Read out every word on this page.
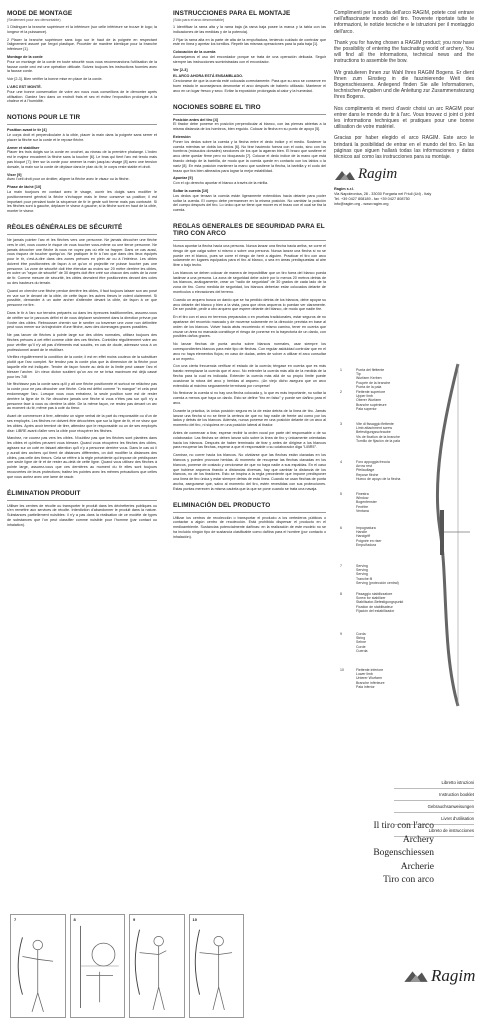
MODE DE MONTAGE
(Seulement pour arc démontable)
1 Distinguer la branche supérieure et la inférieure (sur celle inférieure se trouve le logo; la longeur et la puissance).
2 Placer la branche supérieure sans logo sur le haut de la poignée en respectant l'alignement assuré par l'ergot plastique. Procéder de manière identique pour la branche inférieure [1].
Montage de la corde
Pour un montage de la corde en toute sécurité nous vous recommandons l'utilisation de la fausse corde ceci est une opération délicate. Suivez toujours les instructions fournies avec la fausse corde.
Voir [2-3]. Bien vérifier la bonne mise en place de la corde.
L'ARC EST MONTÉ.
Pour une bonne conservation de votre arc nous vous conseillons de le démonter après utilisation. Gardez l'arc dans un endroit frais et sec et évitez l'exposition prolongée à la chaleur et à l'humidité.
NOTIONS POUR LE TIR
Position avant le tir [4]
Le corps droit et perpendiculaire à la cible, placer la main dans la poignée sans serrer et placer la flèche sur la corde et le repose flèche.
Armer et stabiliser
Placer les trois doigts sur la corde en crochet, au niveau de la première phalange. L'index est le majeur encadrent la flèche sans la toucher [6]. Le bras qui tient l'arc est tendu mais pas bloqué [7]; tirer sur la corde pour amener la main jusqu'au visage [8] avec une tension dorsale, la main sur la corde de déplace dans le plan du tir, le corps reste stable et droit.
Viser [9]
Avec l'oeil droit pour un droitier, aligner la flèche avec le visaur ou la flèche.
Phase de lâché [10]
La main tourjours en contact avec le visage, ouvrir les doigts sans modifier le positionnement général la flèche s'échappe mais le tireur conserve sa position; il est important pour pendant toute la séquence de tir le geste soit ferme mais pas contracté. Si les flèches sont à gauche, déplacer le viseur à gauche; si la flèche sont en haut de la cible, monter le viseur.
RÈGLES GÉNÉRALES DE SÉCURITÉ
Ne jamais pointer l'arc et les flèches vers une personne. Ne jamais décocher une flèche vers le ciel, vous courez le risque de vous toucher vous-même ou une tierce personne. Ne jamais décocher une flèche là vous ne voyez pas où elle va frapper. Dans ce cas aussi, vous risquez de toucher quelqu'un. Ne pratiquer le tir à l'arc que dans des lieux équipés pour le tir, c'est-à-dire dans des zones prévues en plein air ou à l'intérieur. Les cibles doivent être positionnées de façon à ce qu'un ni projectile ne puisse toucher pas une personne. La zone de sécurité doit être étendue au moins sur 20 mètre derrière les cibles, en outre un "rayon de sécurité" de 30 degrés doit être créé sur chacun des cotés de la zone de tir. Comme mesure de sécurité, les cibles devraient être positionnées devant des coles ou des hauteurs du terrain.
Quand on cherche une flèche perdue derrière les cibles, il faut toujours laisser son arc posé en vue sur le devant de la cible, de cette façon les autres tireurs le voient clairement. Si possible, demander à un autre archer d'attendre devant la cible, de façon à ce que personne ne tire.
Dans le tir à l'arc sur terrains préparés ou dans les épreuves traditionnelles, assurez-vous de vérifier sur le parcours défini et de vous déplacer seulement dans la direction prévue par l'ordre des cibles. Rebrousser chemin sur le sentier ou traverser une zone non délimitée peut vous mener sur la trajectoire d'une flèche, avec des dommages graves possibles.
Ne pas lancer de flèches à pointe large sur des cibles normales, utilisez toujours des flèches prévues à cet effet comme cible des ces flèches. Contrôlez régulièrement votre arc pour vérifier qu'il n'y ait pas d'éléments mal soudés, en cas de doute, adressez vous à un professionnel avant de le réutiliser.
Vérifiez régulièrement la condition de la corde; il est en effet moins couteux de la substituer plutôt que l'arc complet. Ne tendez pas la corde plus que la dimension de la flèche pour laquelle elle est indiquée. Tendre de façon forcée au delà de la limite peut casser l'arc el blesser l'archer. Un vieux dicton soutient qu'un arc ne se brisa maximum est déjà cassé pour les 7/8!
Ne fléchissez pas la corde sans qu'il y ait une flèche positionnée et surtout ne relâchez pas la corde pour ne pas décocher une flèche. Cela est défini comme "in mangue" et cela peut endommager l'arc. Lorsque vous vous entrainez, la seule position sure est de rester derrière la ligne de tir. Ne décochez jamais une flèche si vous n'êtes pas sur qu'il n'y a personne face à vous ou derrière la cible. De la même façon, ne restez pas devant un arc au moment du tir, même pas à coté du tireur.
Avant de commencer à tirer, attendez un signe verbal de la part du responsable ou d'un de ses employés. Les flèches ne doivent être décochées que sur la ligne de tir, et ne visez que les cibles. Après avoir terminé de tirer, attendez que le responsable ou un de ses employés dise: LIBRE avant d'aller vers la cible pour récupérer les flèches.
Marchez, ne courez pas vers les cibles. N'oubliez pas que les flèches sont plantées dans les cibles et qu'elles peuvent vous blesser. Quand vous récupérez les flèches des cibles, agissez sur un coté en faisant attention qu'il n'y a personne derrière vous. Dans le cas où il y aurait des archers qui tirent de distances différentes, on doit modifier la distances des cibles, pas celle des tireurs. Cela se réfère à la règle précédente qui impose de prédisposer une seule ligne de tir et de rester au-delà de cette ligne. Quand vous utilisez des flèches à pointe large, assurez-vous que ces dernières au moment du tir elles sont toujours recouvertes de leurs protections; traitez les pointes avec les mêmes précautions que celles que vous auriez avec une lame de rasoir.
ÉLIMINATION PRODUIT
Utiliser les centres de récolte ou transporter le produit dans les déchetteries publiques ou s'en remettre aux services de récolte. Interdiction d'abandonner le produit dans la nature. Substances partiellement nuisibles: il n'y a pas dans la réalisation de ce modèle de types de substances que l'on peut classifier comme nuisible pour l'homme (par contact ou inhalation).
INSTRUCCIONES PARA EL MONTAJE
(Sólo para el arco desmontable)
1 Identificar la rama alta y la rama baja (la rama baja posee la marca y la tabla con las indicaciones de las medidas y de la potencia).
2 Fijar la rama alta en la parte de alta de la empuñadura, teniendo cuidado de controlar que este en línea y apretar los tornillos. Repetir las mismas operaciones para la pala baja [1].
Colocación de la cuerda
Aconsejamos el uso del encordador porque se trata de una operación delicada. Seguir siempre las instrucciones suministradas con el encordador.
Ver [2-3]
EL ARCO AHORA ESTÁ ENSAMBLADO.
Cerciorarse de que la cuerda esté colocada correctamente. Para que su arco se conserve en buen estado le aconsejamos desmontar el arco después de haberlo utilizado. Mantener el arco en un lugar fresco y seco. Evitar la exposición prolongada al calor y la humedad.
NOCIONES SOBRE EL TIRO
Posición antes del tiro [4]
El tirador debe ponerse en posición perpendicular al blanco, con las piernas abiertas a la misma distancia de los hombros, bien erguido. Colocar la flecha en su punto de apoyo [5].
Extensión
Poner los dedos sobre la cuerda y la flecha entre el dedo índice y el medio. Sostener la cuerda mientras se dobla los dedos [6]. No tirar haciendo fuerza con el codo, sino con los hombros (músculos dorsales) secciones de los que la agarran bien. El brazo que sostiene el arco debe quedar firme pero no bloqueado [7]. Colocar el dedo índice de la mano que está tirando debajo de la barbilla, de modo que la cuerda quede en contacto con los labios o la nariz [8]. En esta posición mantener la mano que sostiene la flecha, la barbilla y el codo del brazo que tira bien alineados para lograr la mejor estabilidad.
Apuntar [9]
Con el ojo derecho apuntar el blanco a través de la mirilla.
Soltar la cuerda [10]
Los dedos que tensan la cuerda están ligeramente extendidos hacia delante para poder soltar la cuerda. El cuerpo debe permanecer en la misma posición. No cambiar la posición del cuerpo después del tiro. Lo único que se tiene que mover es el brazo con el cual se tira la cuerda.
REGLAS GENERALES DE SEGURIDAD PARA EL TIRO CON ARCO
Nunca apuntar la flecha hacia una persona. Nunca lanzar una flecha hacia arriba, se corre el riesgo de que caiga sobre sí mismo o sobre una persona. Nunca lanzar una flecha si no se puede ver el blanco, pues se corre el riesgo de herir a alguien. Practicar el tiro con arco solamente en lugares equipados para el tiro al blanco, o sea en áreas predispuestas al aire libre o bajo techo.
Los blancos se deben colocar de manera de imposibilitar que un tiro fuera del blanco pueda lastimar a una persona. La zona de seguridad debe cubrir por lo menos 20 metros detrás de los blancos, análogamente, crear un "radio de seguridad" de 30 grados de cada lado de la zona de tiro. Como medida de seguridad, los blancos deberían estar colocados delante de montículos o elevaciones del terreno.
Cuando un arquero busca un dardo que se ha perdido detrás de los blancos, debe apoyar su arco delante del blanco y bien a la vista, para que otros arqueros lo puedan ver claramente. De ser posible, pedir a otro arquero que espere delante del blanco, de modo que nadie tire.
En el tiro con el arco en terrenos preparados o en pruebas tradicionales, estar seguros de no apartarse del recorrido marcado y de moverse solamente en la dirección prevista en base al orden de los blancos. Volver hacia atrás recorriendo el mismo camino, tener en cuenta que cruzar un área no marcada constituye el riesgo de ponerse en la trayectoria de un dardo, con posibles daños graves.
No lanzar flechas de punta ancha sobre blancos normales, usar siempre los correspondientes blancos para este tipo de flechas. Con regular asiduidad controlar que en el arco no haya elementos flojos; en caso de dudas, antes de volver a utilizar el arco consultar a un experto.
Con una cierta frecuencia verificar el estado de la cuerda; téngase en cuenta que es más barato reemplazar la cuerda que el arco. No extender la cuerda más allá de la medida de la flecha para la cual es indicada. Extender la cuerda más allá de su propio límite puede ocasionar la rotura del arco y heridas al arquero. ¡Un viejo dicho asegura que un arco extendido al máximo seguramente terminará por romperse!
No flexionar la cuerda si no hay una flecha colocada y, lo que es más importante, no soltar la cuerda a menos que haya un dardo. Esto se define "tiro en falso" y puede ser dañino para el arco.
Durante la práctica, la única posición segura es la de estar detrás de la línea de tiro. Jamás lanzar una flecha si no se tiene la certeza de que no hay nadie de frente así como por los lados y detrás de los blancos. Además, nunca ponerse en una posición delante de un arco al momento del tiro, ni siquiera en una posición lateral al tirador.
Antes de comenzar a tirar, esperar recibir la orden vocal por parte del responsable o de su colaborador. Las flechas se deben lanzar sólo sobre la línea de tiro y únicamente orientadas hacia los blancos. Después de haber terminado de tirar y antes de dirigirse a los blancos para recuperar las flechas, esperar a que el responsable o su colaborador diga "LIBRE".
Caminar, no correr hacia los blancos. No olvidarse que las flechas están clavadas en los blancos y pueden provocar heridas. Al momento de recuperar las flechas clavadas en los blancos, ponerse de costado y cerciorarse de que no haya nadie a sus espaldas. En el caso que hubiese arqueros tirando a distancias diversas, hay que cambiar la distancia de los blancos, no de los tiradores. Esto se inspira a la regla precedente que impone predisponer una línea de tiro única y estar siempre detrás de esta línea. Cuando se usan flechas de punta ancha, asegurarse que, salvo al momento del tiro, estén revestidas con sus protecciones. Estas puntas merecen la misma cautela que la que se pone cuando se trata una navaja.
ELIMINACIÓN DEL PRODUCTO
Utilizar los centros de recolección o transportar el producto a los vertederos públicos o contactar a algún centro de recolección. Está prohibido dispersar el producto en el medioambiente. Sustancias potencialmente dañinas: en la realización de este modelo no se ha incluido ningún tipo de sustancia clasificable como dañina para el hombre (por contacto o inhalación).
Complimenti per la scelta dell'arco RAGIM, potete così entrare nell'affascinante mondo del tiro. Troverete riportate tutte le informazioni, le notizie tecniche e le istruzioni per il montaggio dell'arco.
Thank you for having chosen a RAGIM product; you now have the possibility of entering the fascinating world of archery. You will find all the informations, technical news and the instructions to assemble the bow.
Wir gratulieren Ihnen zur Wahl Ihres RAGIM Bogens. Er dient Ihnen zum Einstieg in die faszinierende Welt des Bogenschiessens. Anliegend finden Sie alle Informationen, technischen Angaben und die Anleitung zur Zusammenstezung Ihres Bogens.
Nos compliments et merci d'avoir choisi un arc RAGIM pour entrer dans le monde du tir à l'arc. Vous trouvez ci joint ci joint les informations techniques et pratiques pour une bonne utilisation de votre matériel.
Gracias por haber elegido el arco RAGIM. Este arco le brindará la posibilidad de entrar en el mundo del tiro. En las páginas que siguen hallará todas las informaciones y datos técnicos así como las instrucciones para su montaje.
Ragim
Ragim s.r.l.
Via Napoleonica, 28 - 33030 Forgaria nel Friuli (Ud) - Italy
Tel. +39 0427 808189 - fax +39 0427 808750
info@ragim.org - www.ragim.org
1	Punta del flettente
Tip
Wurfarm Kerben
Poupée de la branche
Punta de la pala
2	Flettente superiore
Upper limb
Oberer Wurfarm
Branche supérieure
Pala superior
3	Vite di fissaggio flettente
Limb attachment screw
Befestigungsschraube
Vis de fixation de la branche
Tornillo de fijación de la pala
4	Foro appoggia freccia
Arrow rest
Pfeilauflage
Repose flèche
Hueco de apoyo de la flecha
5	Finestra
Window
Bogenfenster
Fenêtre
Ventana
6	Impugnatura
Handle
Handgriff
Poignée en riser
Empuñadura
7	Serving
Serving
Serving
Tranche fil
Serving (protección central)
8	Fissaggio stabilizzatore
Screw for stabilizer
Stabilisator-Befestigungspunkt
Fixation de stabilisateur
Fijación del estabilizador
9	Corda
String
Sehne
Corde
Cuerda
10	Flettente inferiore
Lower limb
Unterer Wurfarm
Branche inférieure
Pala inferior
Libretto istruzioni
Instruction booklet
Gebrauchsanweisungen
Livret d'utilisation
Libreto de instrucciones
Il tiro con l'arco
Archery
Bogenschiessen
Archerie
Tiro con arco
7	8	9	10
Ragim
